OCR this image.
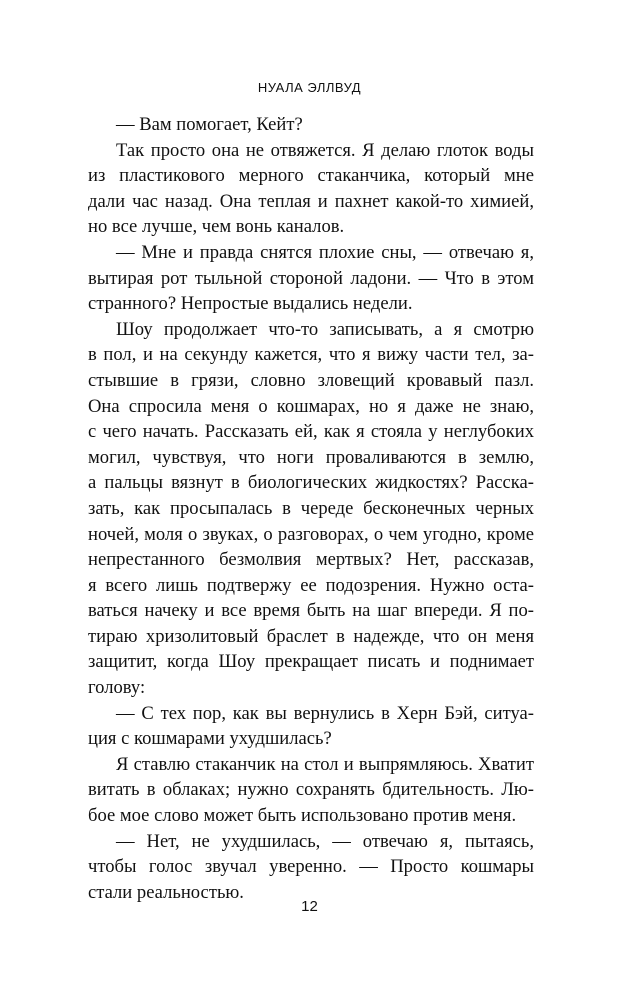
НУАЛА ЭЛЛВУД

— Вам помогает, Кейт?

Так просто она не отвяжется. Я делаю глоток воды
из пластикового мерного стаканчика, который мне
дали час назад. Она теплая и пахнет какой-то химией,
но все лучше, чем вонь каналов.

— Мне и правда снятся плохие сны, — отвечаю я,
вытирая рот тыльной стороной ладони. — Что в этом
странного? Непростые выдались недели.

Шоу продолжает что-то записывать, а я смотрю
в пол, и на секунду кажется, что я вижу части тел, за-
стывшие в грязи, словно зловещий кровавый пазл.
Она спросила меня о кошмарах, но я даже не знаю,
с чего начать. Рассказать ей, как я стояла у неглубоких
могил, чувствуя, что ноги проваливаются в землю,
а пальцы вязнут в биологических жидкостях? Расска-
зать, как просыпалась в череде бесконечных черных
ночей, моля о звуках, о разговорах, о чем угодно, кроме
непрестанного безмолвия мертвых? Нет, рассказав,
я всего лишь подтвержу ее подозрения. Нужно оста-
ваться начеку и все время быть на шаг впереди. Я по-
тираю хризолитовый браслет в надежде, что он меня
защитит, когда Шоу прекращает писать и поднимает
голову:

— С тех пор, как вы вернулись в Херн Бэй, ситуа-
ция с кошмарами ухудшилась?

Я ставлю стаканчик на стол и выпрямляюсь. Хватит
витать в облаках; нужно сохранять бдительность. Лю-
бое мое слово может быть использовано против меня.

— Нет, не ухудшилась, — отвечаю я, пытаясь,
чтобы голос звучал уверенно. — Просто кошмары
стали реальностью.

12
